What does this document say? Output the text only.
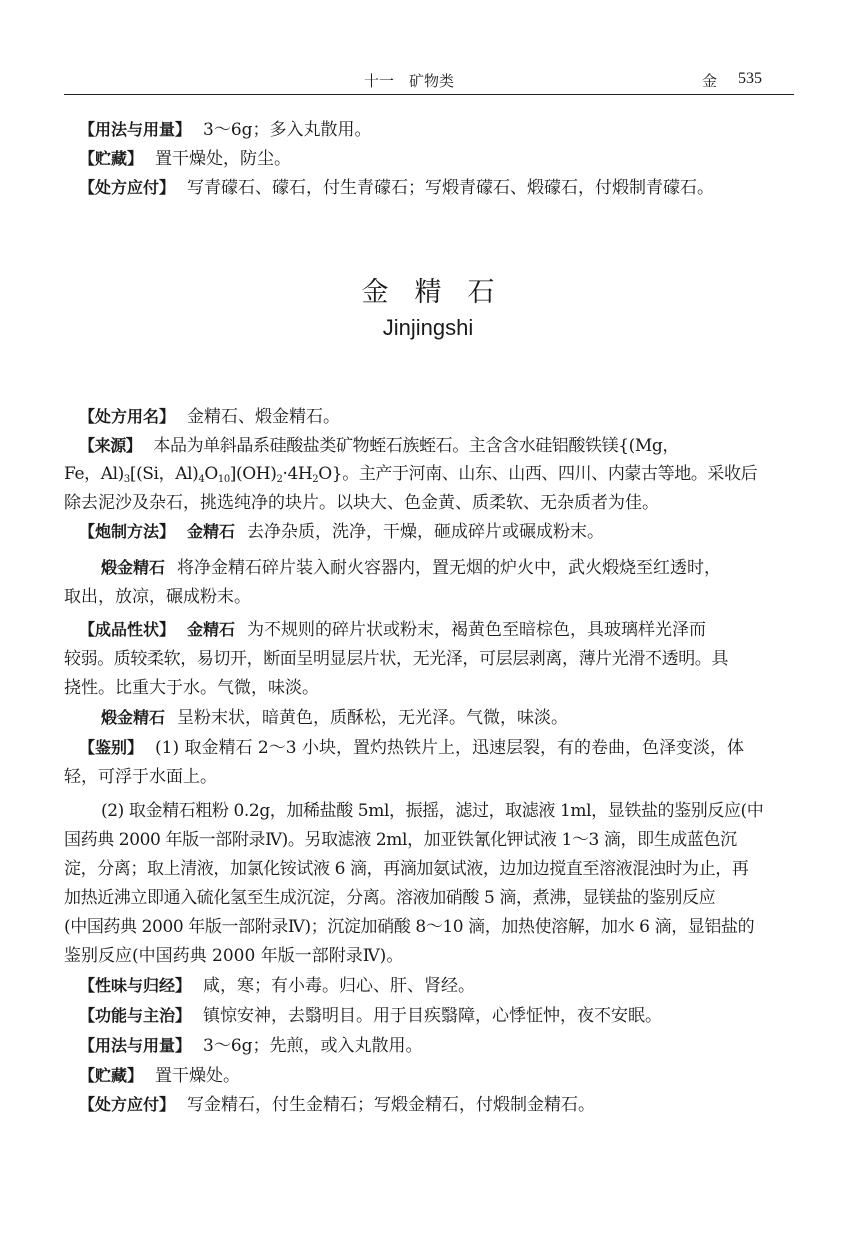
十一　矿物类	金 535
【用法与用量】 3～6g；多入丸散用。
【贮藏】 置干燥处，防尘。
【处方应付】 写青礞石、礞石，付生青礞石；写煅青礞石、煅礞石，付煅制青礞石。
金精石
Jinjingshi
【处方用名】 金精石、煅金精石。
【来源】 本品为单斜晶系硅酸盐类矿物蛭石族蛭石。主含含水硅铝酸铁镁{(Mg，
Fe，$Al)_3[(Si$，$Al)_4O_{10}](OH)_2\cdot 4H_2O$}。主产于河南、山东、山西、四川、内蒙古等地。采收后
除去泥沙及杂石，挑选纯净的块片。以块大、色金黄、质柔软、无杂质者为佳。
【炮制方法】 金精石 去净杂质，洗净，干燥，砸成碎片或碾成粉末。
煅金精石 将净金精石碎片装入耐火容器内，置无烟的炉火中，武火煅烧至红透时，
取出，放凉，碾成粉末。
【成品性状】 金精石 为不规则的碎片状或粉末，褐黄色至暗棕色，具玻璃样光泽而
较弱。质较柔软，易切开，断面呈明显层片状，无光泽，可层层剥离，薄片光滑不透明。具
挠性。比重大于水。气微，味淡。
煅金精石 呈粉末状，暗黄色，质酥松，无光泽。气微，味淡。
【鉴别】 (1) 取金精石 2～3 小块，置灼热铁片上，迅速层裂，有的卷曲，色泽变淡，体
轻，可浮于水面上。
(2) 取金精石粗粉 0.2g，加稀盐酸 5ml，振摇，滤过，取滤液 1ml，显铁盐的鉴别反应(中
国药典 2000 年版一部附录Ⅳ)。另取滤液 2ml，加亚铁氰化钾试液 1～3 滴，即生成蓝色沉
淀，分离；取上清液，加氯化铵试液 6 滴，再滴加氨试液，边加边搅直至溶液混浊时为止，再
加热近沸立即通入硫化氢至生成沉淀，分离。溶液加硝酸 5 滴，煮沸，显镁盐的鉴别反应
(中国药典 2000 年版一部附录Ⅳ)；沉淀加硝酸 8～10 滴，加热使溶解，加水 6 滴，显铝盐的
鉴别反应(中国药典 2000 年版一部附录Ⅳ)。
【性味与归经】 咸，寒；有小毒。归心、肝、肾经。
【功能与主治】 镇惊安神，去翳明目。用于目疾翳障，心悸怔忡，夜不安眠。
【用法与用量】 3～6g；先煎，或入丸散用。
【贮藏】 置干燥处。
【处方应付】 写金精石，付生金精石；写煅金精石，付煅制金精石。
